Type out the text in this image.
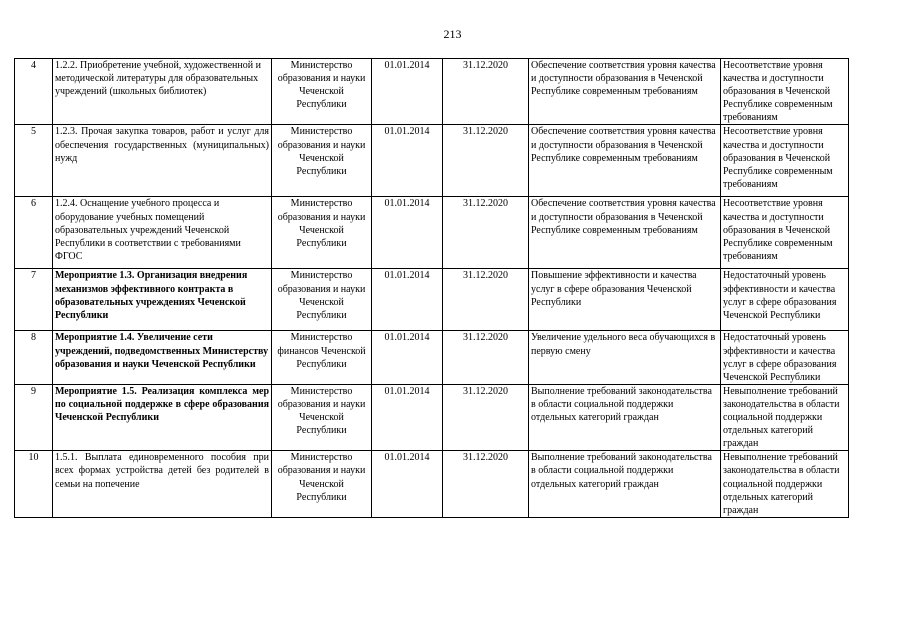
213
4	1.2.2. Приобретение учебной, художественной и методической литературы для образовательных учреждений (школьных библиотек)	Министерство образования и науки Чеченской Республики	01.01.2014	31.12.2020	Обеспечение соответствия уровня качества и доступности образования в Чеченской Республике современным требованиям	Несоответствие уровня качества и доступности образования в Чеченской Республике современным требованиям
5	1.2.3. Прочая закупка товаров, работ и услуг для обеспечения государственных (муниципальных) нужд	Министерство образования и науки Чеченской Республики	01.01.2014	31.12.2020	Обеспечение соответствия уровня качества и доступности образования в Чеченской Республике современным требованиям	Несоответствие уровня качества и доступности образования в Чеченской Республике современным требованиям
6	1.2.4. Оснащение учебного процесса и оборудование учебных помещений образовательных учреждений Чеченской Республики в соответствии с требованиями ФГОС	Министерство образования и науки Чеченской Республики	01.01.2014	31.12.2020	Обеспечение соответствия уровня качества и доступности образования в Чеченской Республике современным требованиям	Несоответствие уровня качества и доступности образования в Чеченской Республике современным требованиям
7	Мероприятие 1.3. Организация внедрения механизмов эффективного контракта в образовательных учреждениях Чеченской Республики	Министерство образования и науки Чеченской Республики	01.01.2014	31.12.2020	Повышение эффективности и качества услуг в сфере образования Чеченской Республики	Недостаточный уровень эффективности и качества услуг в сфере образования Чеченской Республики
8	Мероприятие 1.4. Увеличение сети учреждений, подведомственных Министерству образования и науки Чеченской Республики	Министерство финансов Чеченской Республики	01.01.2014	31.12.2020	Увеличение удельного веса обучающихся в первую смену	Недостаточный уровень эффективности и качества услуг в сфере образования Чеченской Республики
9	Мероприятие 1.5. Реализация комплекса мер по социальной поддержке в сфере образования Чеченской Республики	Министерство образования и науки Чеченской Республики	01.01.2014	31.12.2020	Выполнение требований законодательства в области социальной поддержки отдельных категорий граждан	Невыполнение требований законодательства в области социальной поддержки отдельных категорий граждан
10	1.5.1. Выплата единовременного пособия при всех формах устройства детей без родителей в семьи на попечение	Министерство образования и науки Чеченской Республики	01.01.2014	31.12.2020	Выполнение требований законодательства в области социальной поддержки отдельных категорий граждан	Невыполнение требований законодательства в области социальной поддержки отдельных категорий граждан
